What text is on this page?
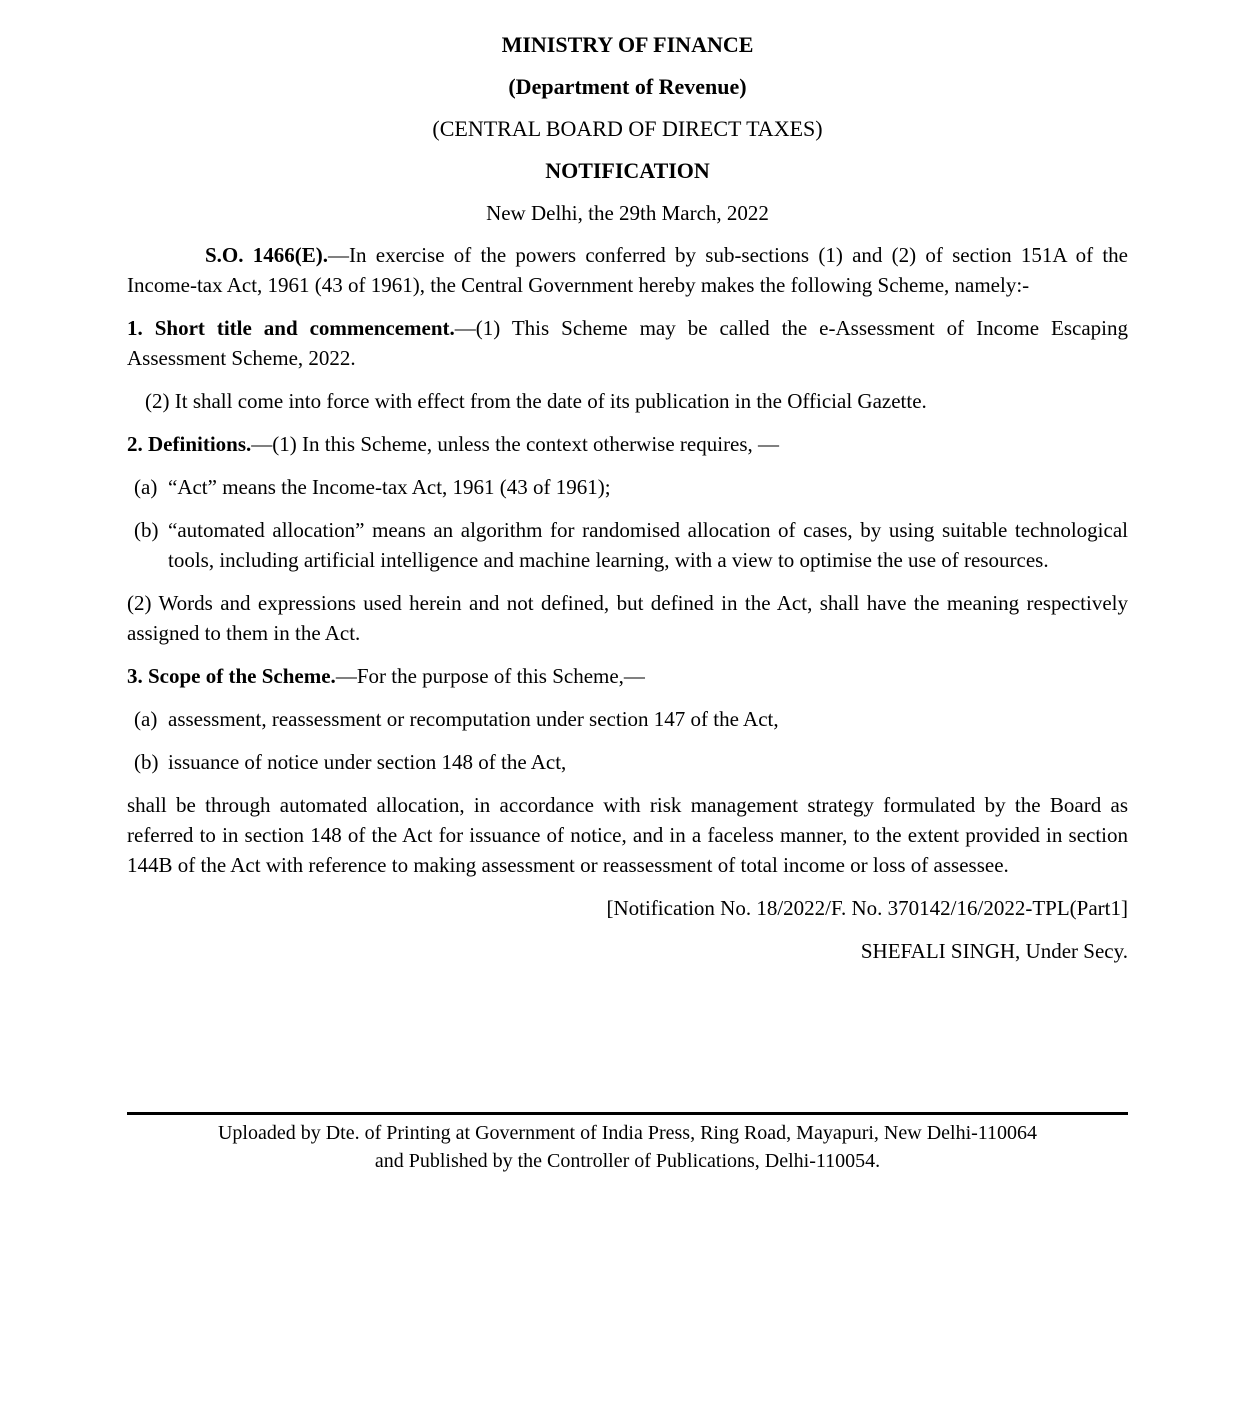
MINISTRY OF FINANCE
(Department of Revenue)
(CENTRAL BOARD OF DIRECT TAXES)
NOTIFICATION
New Delhi, the 29th March, 2022

S.O. 1466(E).—In exercise of the powers conferred by sub-sections (1) and (2) of section 151A of the Income-tax Act, 1961 (43 of 1961), the Central Government hereby makes the following Scheme, namely:-

1. Short title and commencement.—(1) This Scheme may be called the e-Assessment of Income Escaping Assessment Scheme, 2022.

(2) It shall come into force with effect from the date of its publication in the Official Gazette.

2. Definitions.—(1) In this Scheme, unless the context otherwise requires, —

(a) “Act” means the Income-tax Act, 1961 (43 of 1961);
(b) “automated allocation” means an algorithm for randomised allocation of cases, by using suitable technological tools, including artificial intelligence and machine learning, with a view to optimise the use of resources.

(2) Words and expressions used herein and not defined, but defined in the Act, shall have the meaning respectively assigned to them in the Act.

3. Scope of the Scheme.—For the purpose of this Scheme,—

(a) assessment, reassessment or recomputation under section 147 of the Act,
(b) issuance of notice under section 148 of the Act,

shall be through automated allocation, in accordance with risk management strategy formulated by the Board as referred to in section 148 of the Act for issuance of notice, and in a faceless manner, to the extent provided in section 144B of the Act with reference to making assessment or reassessment of total income or loss of assessee.

[Notification No. 18/2022/F. No. 370142/16/2022-TPL(Part1]
SHEFALI SINGH, Under Secy.
Uploaded by Dte. of Printing at Government of India Press, Ring Road, Mayapuri, New Delhi-110064
and Published by the Controller of Publications, Delhi-110054.
